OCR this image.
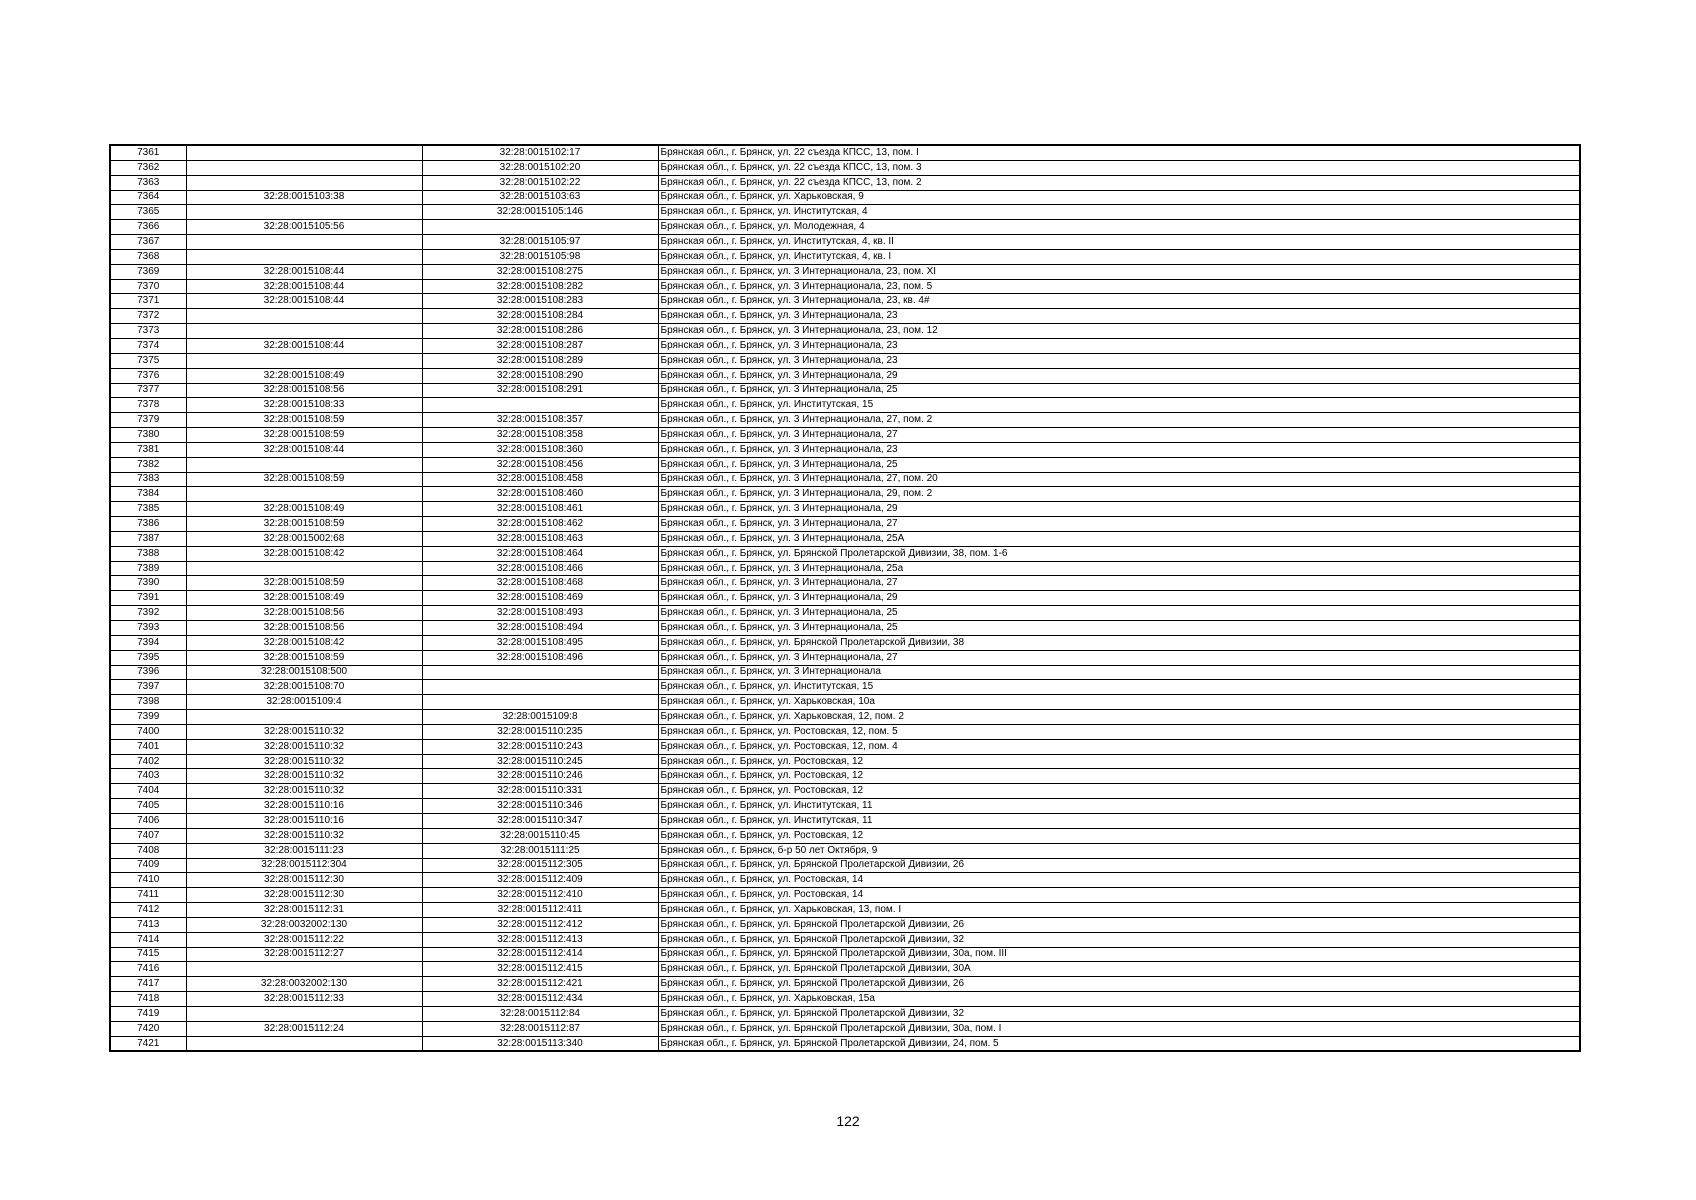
7361		32:28:0015102:17	Брянская обл., г. Брянск, ул. 22 съезда КПСС, 13, пом. I
7362		32:28:0015102:20	Брянская обл., г. Брянск, ул. 22 съезда КПСС, 13, пом. 3
7363		32:28:0015102:22	Брянская обл., г. Брянск, ул. 22 съезда КПСС, 13, пом. 2
7364	32:28:0015103:38	32:28:0015103:63	Брянская обл., г. Брянск, ул. Харьковская, 9
7365		32:28:0015105:146	Брянская обл., г. Брянск, ул. Институтская, 4
7366	32:28:0015105:56		Брянская обл., г. Брянск, ул. Молодежная, 4
7367		32:28:0015105:97	Брянская обл., г. Брянск, ул. Институтская, 4, кв. II
7368		32:28:0015105:98	Брянская обл., г. Брянск, ул. Институтская, 4, кв. I
7369	32:28:0015108:44	32:28:0015108:275	Брянская обл., г. Брянск, ул. 3 Интернационала, 23, пом. XI
7370	32:28:0015108:44	32:28:0015108:282	Брянская обл., г. Брянск, ул. 3 Интернационала, 23, пом. 5
7371	32:28:0015108:44	32:28:0015108:283	Брянская обл., г. Брянск, ул. 3 Интернационала, 23, кв. 4#
7372		32:28:0015108:284	Брянская обл., г. Брянск, ул. 3 Интернационала, 23
7373		32:28:0015108:286	Брянская обл., г. Брянск, ул. 3 Интернационала, 23, пом. 12
7374	32:28:0015108:44	32:28:0015108:287	Брянская обл., г. Брянск, ул. 3 Интернационала, 23
7375		32:28:0015108:289	Брянская обл., г. Брянск, ул. 3 Интернационала, 23
7376	32:28:0015108:49	32:28:0015108:290	Брянская обл., г. Брянск, ул. 3 Интернационала, 29
7377	32:28:0015108:56	32:28:0015108:291	Брянская обл., г. Брянск, ул. 3 Интернационала, 25
7378	32:28:0015108:33		Брянская обл., г. Брянск, ул. Институтская, 15
7379	32:28:0015108:59	32:28:0015108:357	Брянская обл., г. Брянск, ул. 3 Интернационала, 27, пом. 2
7380	32:28:0015108:59	32:28:0015108:358	Брянская обл., г. Брянск, ул. 3 Интернационала, 27
7381	32:28:0015108:44	32:28:0015108:360	Брянская обл., г. Брянск, ул. 3 Интернационала, 23
7382		32:28:0015108:456	Брянская обл., г. Брянск, ул. 3 Интернационала, 25
7383	32:28:0015108:59	32:28:0015108:458	Брянская обл., г. Брянск, ул. 3 Интернационала, 27, пом. 20
7384		32:28:0015108:460	Брянская обл., г. Брянск, ул. 3 Интернационала, 29, пом. 2
7385	32:28:0015108:49	32:28:0015108:461	Брянская обл., г. Брянск, ул. 3 Интернационала, 29
7386	32:28:0015108:59	32:28:0015108:462	Брянская обл., г. Брянск, ул. 3 Интернационала, 27
7387	32:28:0015002:68	32:28:0015108:463	Брянская обл., г. Брянск, ул. 3 Интернационала, 25А
7388	32:28:0015108:42	32:28:0015108:464	Брянская обл., г. Брянск, ул. Брянской Пролетарской Дивизии, 38, пом. 1-6
7389		32:28:0015108:466	Брянская обл., г. Брянск, ул. 3 Интернационала, 25а
7390	32:28:0015108:59	32:28:0015108:468	Брянская обл., г. Брянск, ул. 3 Интернационала, 27
7391	32:28:0015108:49	32:28:0015108:469	Брянская обл., г. Брянск, ул. 3 Интернационала, 29
7392	32:28:0015108:56	32:28:0015108:493	Брянская обл., г. Брянск, ул. 3 Интернационала, 25
7393	32:28:0015108:56	32:28:0015108:494	Брянская обл., г. Брянск, ул. 3 Интернационала, 25
7394	32:28:0015108:42	32:28:0015108:495	Брянская обл., г. Брянск, ул. Брянской Пролетарской Дивизии, 38
7395	32:28:0015108:59	32:28:0015108:496	Брянская обл., г. Брянск, ул. 3 Интернационала, 27
7396	32:28:0015108:500		Брянская обл., г. Брянск, ул. 3 Интернационала
7397	32:28:0015108:70		Брянская обл., г. Брянск, ул. Институтская, 15
7398	32:28:0015109:4		Брянская обл., г. Брянск, ул. Харьковская, 10а
7399		32:28:0015109:8	Брянская обл., г. Брянск, ул. Харьковская, 12, пом. 2
7400	32:28:0015110:32	32:28:0015110:235	Брянская обл., г. Брянск, ул. Ростовская, 12, пом. 5
7401	32:28:0015110:32	32:28:0015110:243	Брянская обл., г. Брянск, ул. Ростовская, 12, пом. 4
7402	32:28:0015110:32	32:28:0015110:245	Брянская обл., г. Брянск, ул. Ростовская, 12
7403	32:28:0015110:32	32:28:0015110:246	Брянская обл., г. Брянск, ул. Ростовская, 12
7404	32:28:0015110:32	32:28:0015110:331	Брянская обл., г. Брянск, ул. Ростовская, 12
7405	32:28:0015110:16	32:28:0015110:346	Брянская обл., г. Брянск, ул. Институтская, 11
7406	32:28:0015110:16	32:28:0015110:347	Брянская обл., г. Брянск, ул. Институтская, 11
7407	32:28:0015110:32	32:28:0015110:45	Брянская обл., г. Брянск, ул. Ростовская, 12
7408	32:28:0015111:23	32:28:0015111:25	Брянская обл., г. Брянск, б-р 50 лет Октября, 9
7409	32:28:0015112:304	32:28:0015112:305	Брянская обл., г. Брянск, ул. Брянской Пролетарской Дивизии, 26
7410	32:28:0015112:30	32:28:0015112:409	Брянская обл., г. Брянск, ул. Ростовская, 14
7411	32:28:0015112:30	32:28:0015112:410	Брянская обл., г. Брянск, ул. Ростовская, 14
7412	32:28:0015112:31	32:28:0015112:411	Брянская обл., г. Брянск, ул. Харьковская, 13, пом. I
7413	32:28:0032002:130	32:28:0015112:412	Брянская обл., г. Брянск, ул. Брянской Пролетарской Дивизии, 26
7414	32:28:0015112:22	32:28:0015112:413	Брянская обл., г. Брянск, ул. Брянской Пролетарской Дивизии, 32
7415	32:28:0015112:27	32:28:0015112:414	Брянская обл., г. Брянск, ул. Брянской Пролетарской Дивизии, 30а, пом. III
7416		32:28:0015112:415	Брянская обл., г. Брянск, ул. Брянской Пролетарской Дивизии, 30А
7417	32:28:0032002:130	32:28:0015112:421	Брянская обл., г. Брянск, ул. Брянской Пролетарской Дивизии, 26
7418	32:28:0015112:33	32:28:0015112:434	Брянская обл., г. Брянск, ул. Харьковская, 15а
7419		32:28:0015112:84	Брянская обл., г. Брянск, ул. Брянской Пролетарской Дивизии, 32
7420	32:28:0015112:24	32:28:0015112:87	Брянская обл., г. Брянск, ул. Брянской Пролетарской Дивизии, 30а, пом. I
7421		32:28:0015113:340	Брянская обл., г. Брянск, ул. Брянской Пролетарской Дивизии, 24, пом. 5
122
